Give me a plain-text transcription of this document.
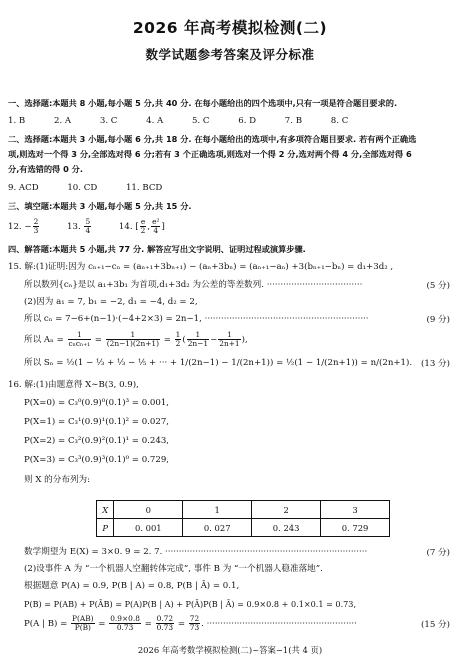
2026 年高考模拟检测(二)
数学试题参考答案及评分标准
一、选择题:本题共 8 小题,每小题 5 分,共 40 分. 在每小题给出的四个选项中,只有一项是符合题目要求的.
1. B	2. A	3. C	4. A	5. C	6. D	7. B	8. C
二、选择题:本题共 3 小题,每小题 6 分,共 18 分. 在每小题给出的选项中,有多项符合题目要求. 若有两个正确选
项,则选对一个得 3 分,全部选对得 6 分;若有 3 个正确选项,则选对一个得 2 分,选对两个得 4 分,全部选对得 6
分,有选错的得 0 分.
9. ACD	10. CD	11. BCD
三、填空题:本题共 3 小题,每小题 5 分,共 15 分.
12. − $\frac{2}{3}$	13. $\frac{5}{4}$	14. [ $\frac{e}{2}$ , $\frac{\text{e²}}{4}$ ]
四、解答题:本题共 5 小题,共 77 分. 解答应写出文字说明、证明过程或演算步骤.
15. 解:(1)证明:因为 cₙ₊₁−cₙ = (aₙ₊₁+3bₙ₊₁) − (aₙ+3bₙ) = (aₙ₊₁−aₙ) +3(bₙ₊₁−bₙ) = d₁+3d₂ ,
所以数列{cₙ}是以 a₁+3b₁ 为首项,d₁+3d₂ 为公差的等差数列. ···································	(5 分)
(2)因为 a₁ = 7, b₁ = −2, d₁ = −4, d₂ = 2,
所以 cₙ = 7−6+(n−1)·(−4+2×3) = 2n−1, ····························································	(9 分)
所以 $A_n = \frac{1}{\text{cₙcₙ₊₁}} = \frac{1}{(2n-1)(2n+1)} = \frac{1}{2}$ ( $\frac{1}{2n-1} - \frac{1}{2n+1}$ ),
所以 Sₙ = ½(1 − ⅓ + ⅓ − ⅕ + ··· + 1/(2n−1) − 1/(2n+1)) = ½(1 − 1/(2n+1)) = n/(2n+1).	(13 分)
16. 解:(1)由题意得 X∼B(3, 0.9),
P(X=0) = C₃⁰(0.9)⁰(0.1)³ = 0.001,
P(X=1) = C₃¹(0.9)¹(0.1)² = 0.027,
P(X=2) = C₃²(0.9)²(0.1)¹ = 0.243,
P(X=3) = C₃³(0.9)³(0.1)⁰ = 0.729,
则 X 的分布列为:
X	0	1	2	3
P	0. 001	0. 027	0. 243	0. 729
数学期望为 E(X) = 3×0. 9 = 2. 7. ··········································································	(7 分)
(2)设事件 A 为 “一个机器人空翻转体完成”, 事件 B 为 “一个机器人稳准落地”.
根据题意 P(A) = 0.9, P(B | A) = 0.8, P(B | Ā) = 0.1,
P(B) = P(AB) + P(ĀB) = P(A)P(B | A) + P(Ā)P(B | Ā) = 0.9×0.8 + 0.1×0.1 = 0.73,
P(A | $B) = \frac{P(AB)}{P(B)} = \frac{0.9\times 0.8}{0.73} = \frac{0.72}{0.73} = \frac{72}{73}$ . ·······················································	(15 分)
2026 年高考数学模拟检测(二)~答案−1(共 4 页)
